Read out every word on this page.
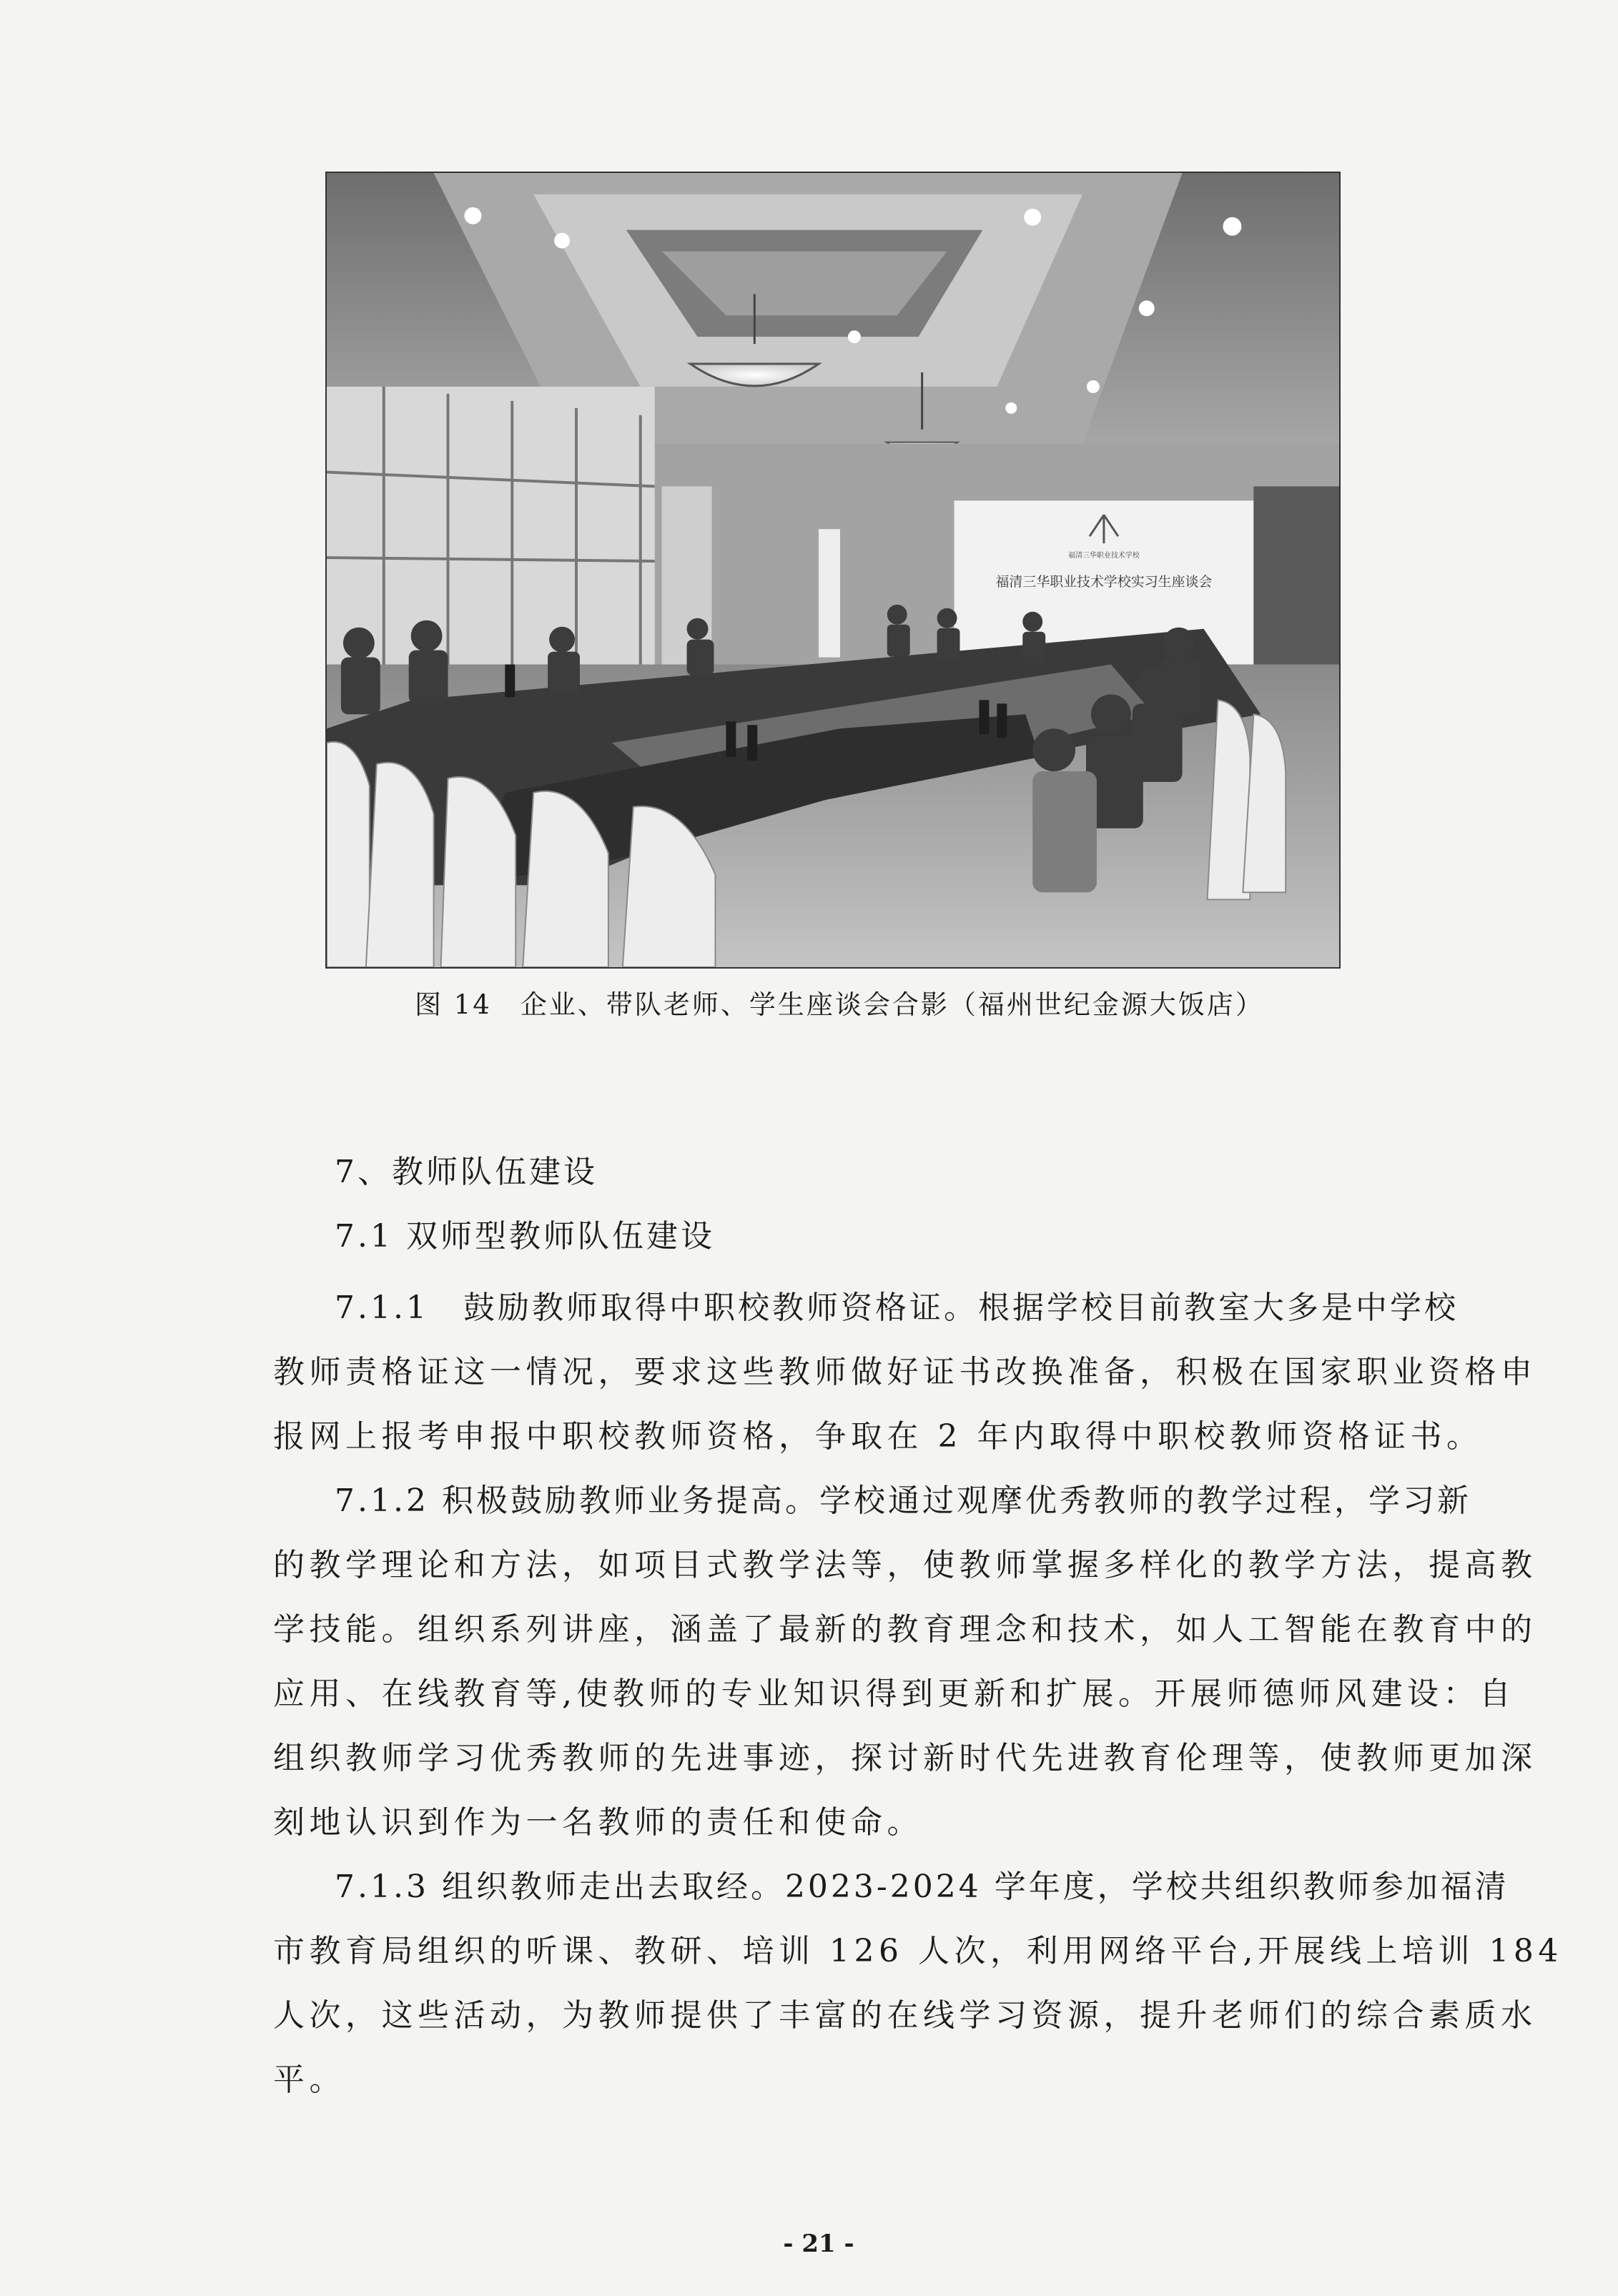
福清三华职业技术学校
福清三华职业技术学校实习生座谈会
图 14　企业、带队老师、学生座谈会合影（福州世纪金源大饭店）
7、教师队伍建设
7.1 双师型教师队伍建设
7.1.1　鼓励教师取得中职校教师资格证。根据学校目前教室大多是中学校
教师责格证这一情况，要求这些教师做好证书改换准备，积极在国家职业资格申
报网上报考申报中职校教师资格，争取在 2 年内取得中职校教师资格证书。
7.1.2 积极鼓励教师业务提高。学校通过观摩优秀教师的教学过程，学习新
的教学理论和方法，如项目式教学法等，使教师掌握多样化的教学方法，提高教
学技能。组织系列讲座，涵盖了最新的教育理念和技术，如人工智能在教育中的
应用、在线教育等,使教师的专业知识得到更新和扩展。开展师德师风建设：自
组织教师学习优秀教师的先进事迹，探讨新时代先进教育伦理等，使教师更加深
刻地认识到作为一名教师的责任和使命。
7.1.3 组织教师走出去取经。2023-2024 学年度，学校共组织教师参加福清
市教育局组织的听课、教研、培训 126 人次，利用网络平台,开展线上培训 184
人次，这些活动，为教师提供了丰富的在线学习资源，提升老师们的综合素质水
平。
- 21 -
